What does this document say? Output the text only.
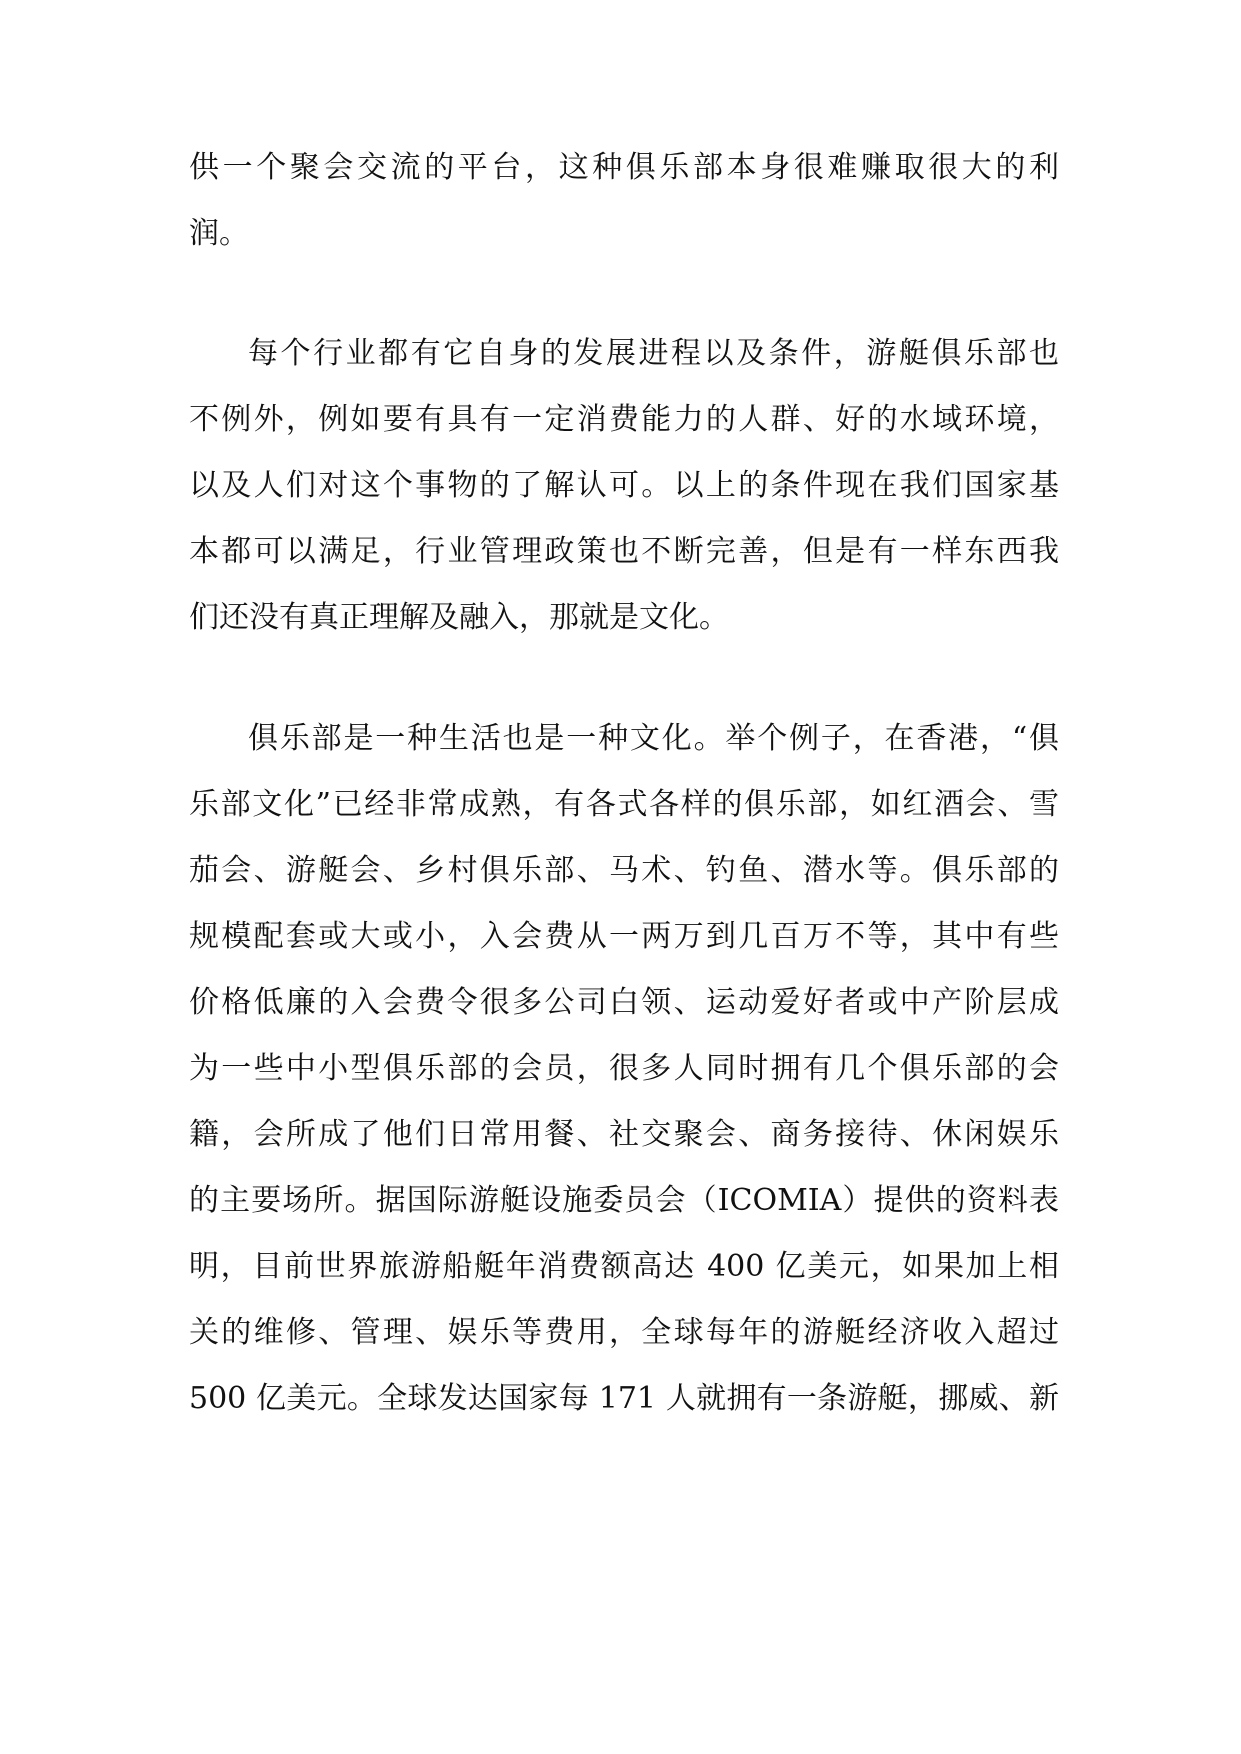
供一个聚会交流的平台，这种俱乐部本身很难赚取很大的利
润。
每个行业都有它自身的发展进程以及条件，游艇俱乐部也
不例外，例如要有具有一定消费能力的人群、好的水域环境，
以及人们对这个事物的了解认可。以上的条件现在我们国家基
本都可以满足，行业管理政策也不断完善，但是有一样东西我
们还没有真正理解及融入，那就是文化。
俱乐部是一种生活也是一种文化。举个例子，在香港，“俱
乐部文化”已经非常成熟，有各式各样的俱乐部，如红酒会、雪
茄会、游艇会、乡村俱乐部、马术、钓鱼、潜水等。俱乐部的
规模配套或大或小，入会费从一两万到几百万不等，其中有些
价格低廉的入会费令很多公司白领、运动爱好者或中产阶层成
为一些中小型俱乐部的会员，很多人同时拥有几个俱乐部的会
籍，会所成了他们日常用餐、社交聚会、商务接待、休闲娱乐
的主要场所。据国际游艇设施委员会（ICOMIA）提供的资料表
明，目前世界旅游船艇年消费额高达 400 亿美元，如果加上相
关的维修、管理、娱乐等费用，全球每年的游艇经济收入超过
500 亿美元。全球发达国家每 171 人就拥有一条游艇，挪威、新
